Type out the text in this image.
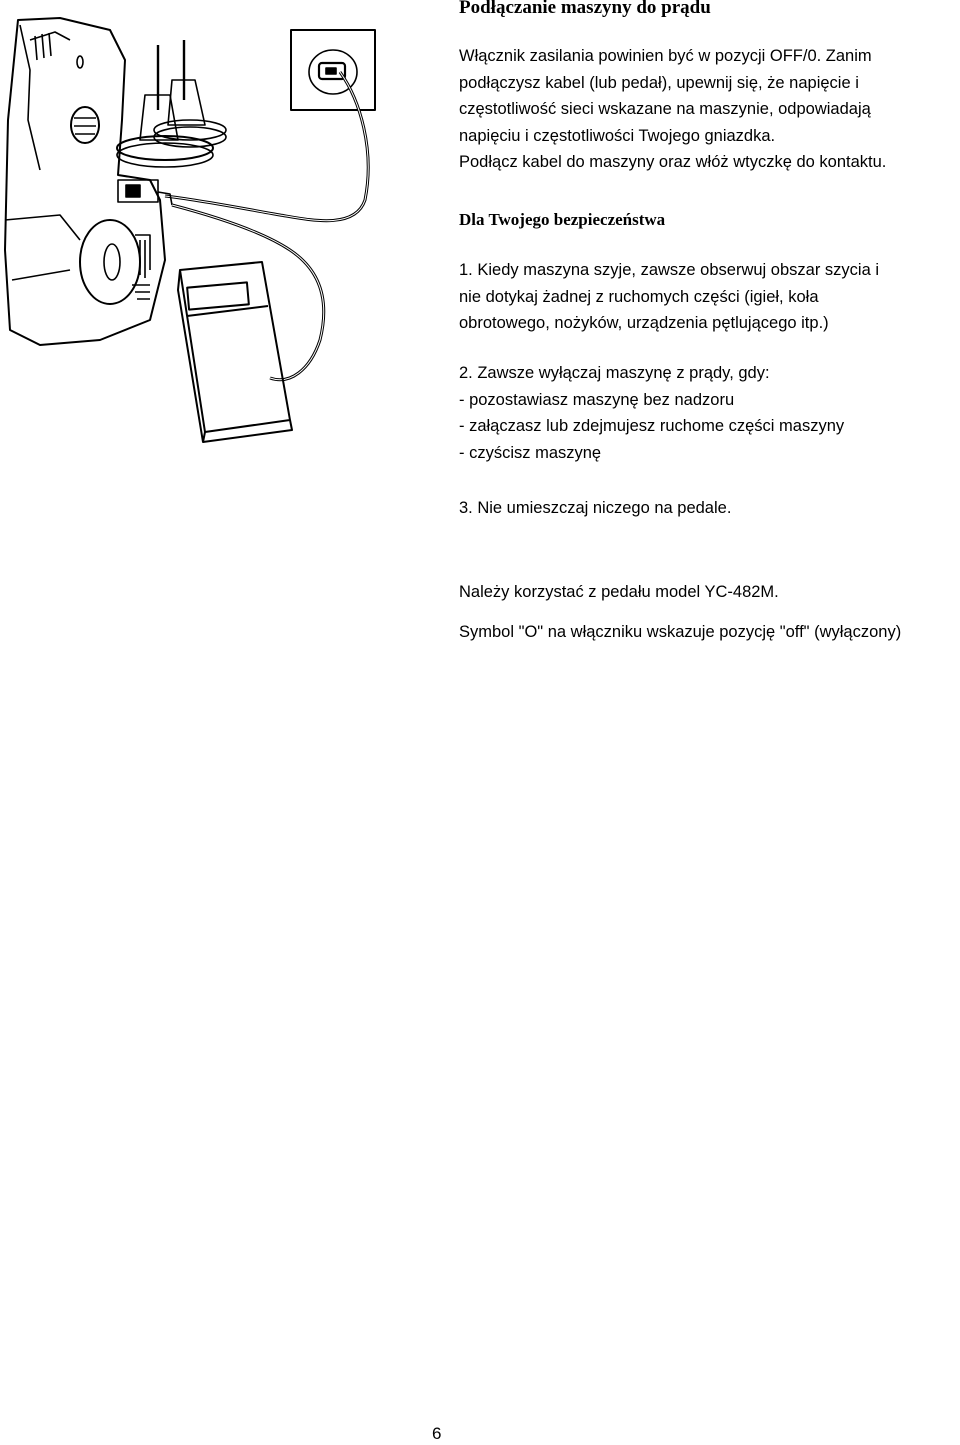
Podłączanie maszyny do prądu

Włącznik zasilania powinien być w pozycji OFF/0. Zanim
podłączysz kabel (lub pedał), upewnij się, że napięcie i
częstotliwość sieci wskazane na maszynie, odpowiadają
napięciu i częstotliwości Twojego gniazdka.
Podłącz kabel do maszyny oraz włóż wtyczkę do kontaktu.

Dla Twojego bezpieczeństwa

1. Kiedy maszyna szyje, zawsze obserwuj obszar szycia i
nie dotykaj żadnej z ruchomych części (igieł, koła
obrotowego, nożyków, urządzenia pętlującego itp.)

2. Zawsze wyłączaj maszynę z prądy, gdy:
- pozostawiasz maszynę bez nadzoru
- załączasz lub zdejmujesz ruchome części maszyny
- czyścisz maszynę

3. Nie umieszczaj niczego na pedale.

Należy korzystać z pedału model YC-482M.

Symbol "O" na włączniku wskazuje pozycję "off" (wyłączony)

6
